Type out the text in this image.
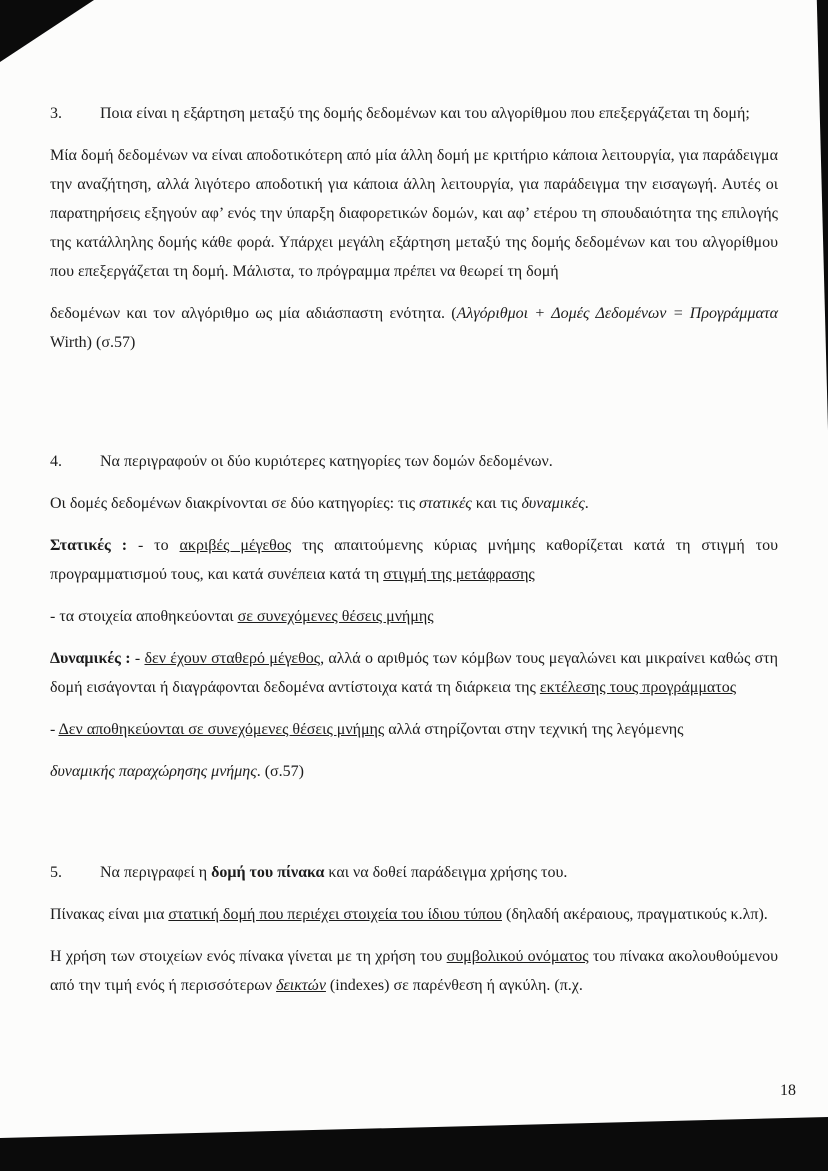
3. Ποια είναι η εξάρτηση μεταξύ της δομής δεδομένων και του αλγορίθμου που επεξεργάζεται τη δομή;

Μία δομή δεδομένων να είναι αποδοτικότερη από μία άλλη δομή με κριτήριο κάποια λειτουργία, για παράδειγμα την αναζήτηση, αλλά λιγότερο αποδοτική για κάποια άλλη λειτουργία, για παράδειγμα την εισαγωγή. Αυτές οι παρατηρήσεις εξηγούν αφ’ ενός την ύπαρξη διαφορετικών δομών, και αφ’ ετέρου τη σπουδαιότητα της επιλογής της κατάλληλης δομής κάθε φορά. Υπάρχει μεγάλη εξάρτηση μεταξύ της δομής δεδομένων και του αλγορίθμου που επεξεργάζεται τη δομή. Μάλιστα, το πρόγραμμα πρέπει να θεωρεί τη δομή

δεδομένων και τον αλγόριθμο ως μία αδιάσπαστη ενότητα. (Αλγόριθμοι + Δομές Δεδομένων = Προγράμματα Wirth) (σ.57)

4. Να περιγραφούν οι δύο κυριότερες κατηγορίες των δομών δεδομένων.

Οι δομές δεδομένων διακρίνονται σε δύο κατηγορίες: τις στατικές και τις δυναμικές.

Στατικές : - το ακριβές μέγεθος της απαιτούμενης κύριας μνήμης καθορίζεται κατά τη στιγμή του προγραμματισμού τους, και κατά συνέπεια κατά τη στιγμή της μετάφρασης

- τα στοιχεία αποθηκεύονται σε συνεχόμενες θέσεις μνήμης

Δυναμικές : - δεν έχουν σταθερό μέγεθος, αλλά ο αριθμός των κόμβων τους μεγαλώνει και μικραίνει καθώς στη δομή εισάγονται ή διαγράφονται δεδομένα αντίστοιχα κατά τη διάρκεια της εκτέλεσης τους προγράμματος

- Δεν αποθηκεύονται σε συνεχόμενες θέσεις μνήμης αλλά στηρίζονται στην τεχνική της λεγόμενης

δυναμικής παραχώρησης μνήμης. (σ.57)

5. Να περιγραφεί η δομή του πίνακα και να δοθεί παράδειγμα χρήσης του.

Πίνακας είναι μια στατική δομή που περιέχει στοιχεία του ίδιου τύπου (δηλαδή ακέραιους, πραγματικούς κ.λπ).

Η χρήση των στοιχείων ενός πίνακα γίνεται με τη χρήση του συμβολικού ονόματος του πίνακα ακολουθούμενου από την τιμή ενός ή περισσότερων δεικτών (indexes) σε παρένθεση ή αγκύλη. (π.χ.

18
